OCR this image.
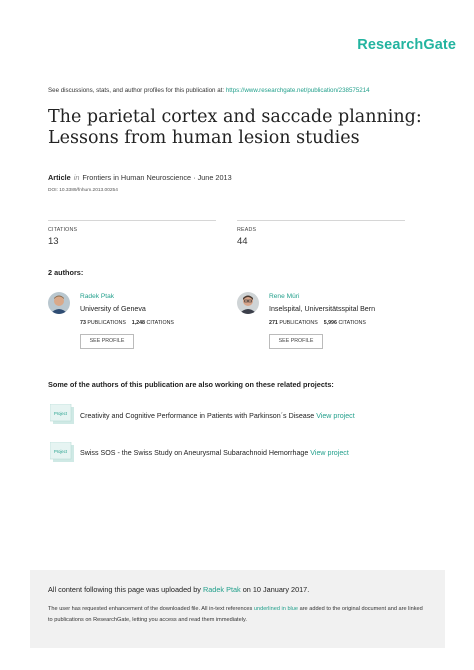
ResearchGate
See discussions, stats, and author profiles for this publication at: https://www.researchgate.net/publication/238575214
The parietal cortex and saccade planning: Lessons from human lesion studies
Article in Frontiers in Human Neuroscience · June 2013
DOI: 10.3389/fnhum.2013.00254
CITATIONS
13
READS
44
2 authors:
Radek Ptak
University of Geneva
73 PUBLICATIONS 1,248 CITATIONS
SEE PROFILE
Rene Müri
Inselspital, Universitätsspital Bern
271 PUBLICATIONS 5,996 CITATIONS
SEE PROFILE
Some of the authors of this publication are also working on these related projects:
Project Creativity and Cognitive Performance in Patients with Parkinson´s Disease View project
Project Swiss SOS - the Swiss Study on Aneurysmal Subarachnoid Hemorrhage View project
All content following this page was uploaded by Radek Ptak on 10 January 2017.
The user has requested enhancement of the downloaded file. All in-text references underlined in blue are added to the original document and are linked to publications on ResearchGate, letting you access and read them immediately.
